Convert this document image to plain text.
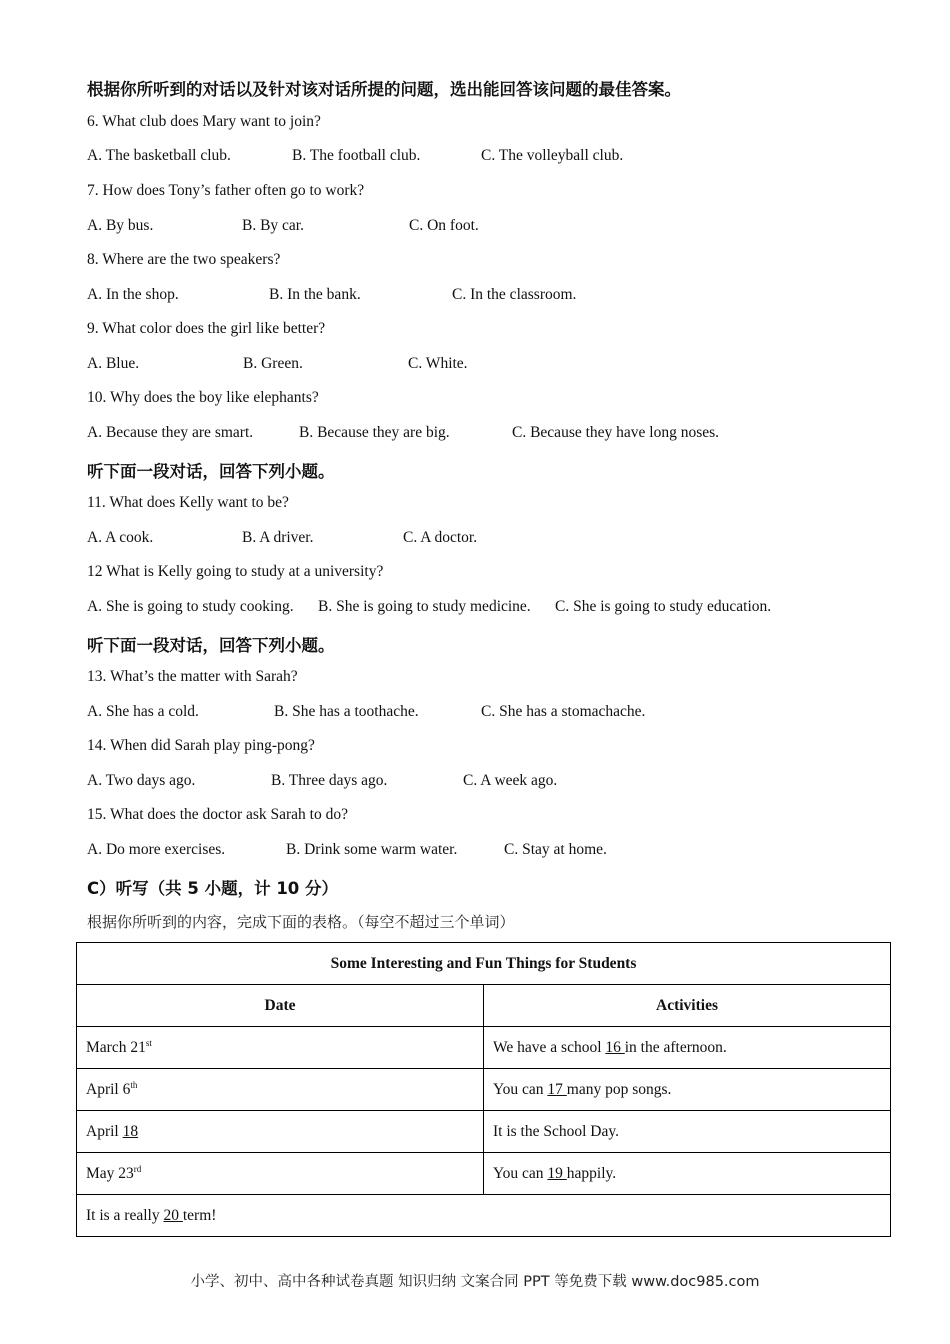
根据你所听到的对话以及针对该对话所提的问题，选出能回答该问题的最佳答案。
6. What club does Mary want to join?
A. The basketball club.	B. The football club.	C. The volleyball club.
7. How does Tony’s father often go to work?
A. By bus.	B. By car.	C. On foot.
8. Where are the two speakers?
A. In the shop.	B. In the bank.	C. In the classroom.
9. What color does the girl like better?
A. Blue.	B. Green.	C. White.
10. Why does the boy like elephants?
A. Because they are smart.	B. Because they are big.	C. Because they have long noses.
听下面一段对话，回答下列小题。
11. What does Kelly want to be?
A. A cook.	B. A driver.	C. A doctor.
12 What is Kelly going to study at a university?
A. She is going to study cooking. B. She is going to study medicine. C. She is going to study education.
听下面一段对话，回答下列小题。
13. What’s the matter with Sarah?
A. She has a cold.	B. She has a toothache.	C. She has a stomachache.
14. When did Sarah play ping-pong?
A. Two days ago.	B. Three days ago.	C. A week ago.
15. What does the doctor ask Sarah to do?
A. Do more exercises.	B. Drink some warm water.	C. Stay at home.
C）听写（共 5 小题，计 10 分）
根据你所听到的内容，完成下面的表格。（每空不超过三个单词）
Some Interesting and Fun Things for Students	
Date	Activities
March 21st	We have a school 16 in the afternoon.
April 6th	You can 17 many pop songs.
April 18	It is the School Day.
May 23rd	You can 19 happily.
It is a really 20 term!	
小学、初中、高中各种试卷真题 知识归纳 文案合同 PPT 等免费下载 www.doc985.com
